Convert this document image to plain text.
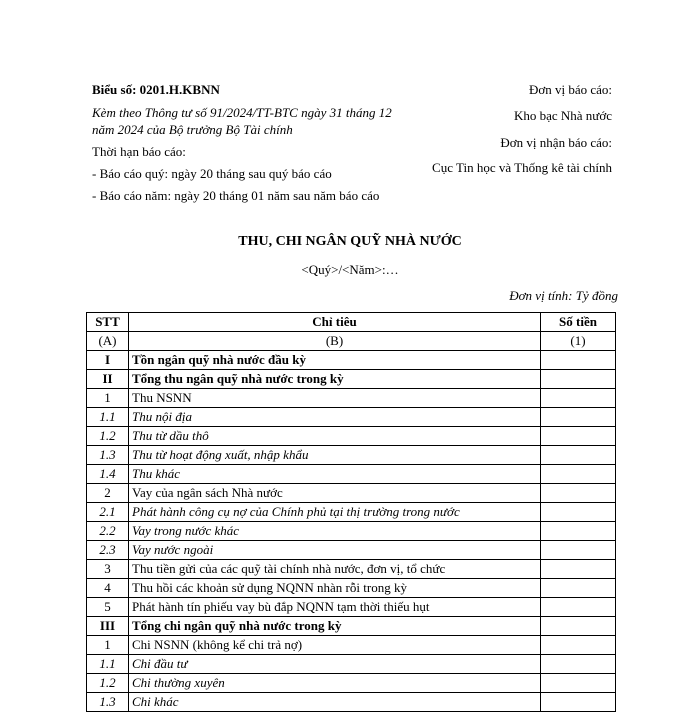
Biểu số: 0201.H.KBNN
Kèm theo Thông tư số 91/2024/TT-BTC ngày 31 tháng 12 năm 2024 của Bộ trưởng Bộ Tài chính
Thời hạn báo cáo:
- Báo cáo quý: ngày 20 tháng sau quý báo cáo
- Báo cáo năm: ngày 20 tháng 01 năm sau năm báo cáo
Đơn vị báo cáo:
Kho bạc Nhà nước
Đơn vị nhận báo cáo:
Cục Tin học và Thống kê tài chính
THU, CHI NGÂN QUỸ NHÀ NƯỚC
<Quý>/<Năm>:…
Đơn vị tính: Tỷ đồng
STT	Chỉ tiêu	Số tiền
(A)	(B)	(1)
I	Tồn ngân quỹ nhà nước đầu kỳ	
II	Tổng thu ngân quỹ nhà nước trong kỳ	
1	Thu NSNN	
1.1	Thu nội địa	
1.2	Thu từ dầu thô	
1.3	Thu từ hoạt động xuất, nhập khẩu	
1.4	Thu khác	
2	Vay của ngân sách Nhà nước	
2.1	Phát hành công cụ nợ của Chính phủ tại thị trường trong nước	
2.2	Vay trong nước khác	
2.3	Vay nước ngoài	
3	Thu tiền gửi của các quỹ tài chính nhà nước, đơn vị, tổ chức	
4	Thu hồi các khoản sử dụng NQNN nhàn rỗi trong kỳ	
5	Phát hành tín phiếu vay bù đắp NQNN tạm thời thiếu hụt	
III	Tổng chi ngân quỹ nhà nước trong kỳ	
1	Chi NSNN (không kể chi trả nợ)	
1.1	Chi đầu tư	
1.2	Chi thường xuyên	
1.3	Chi khác	
